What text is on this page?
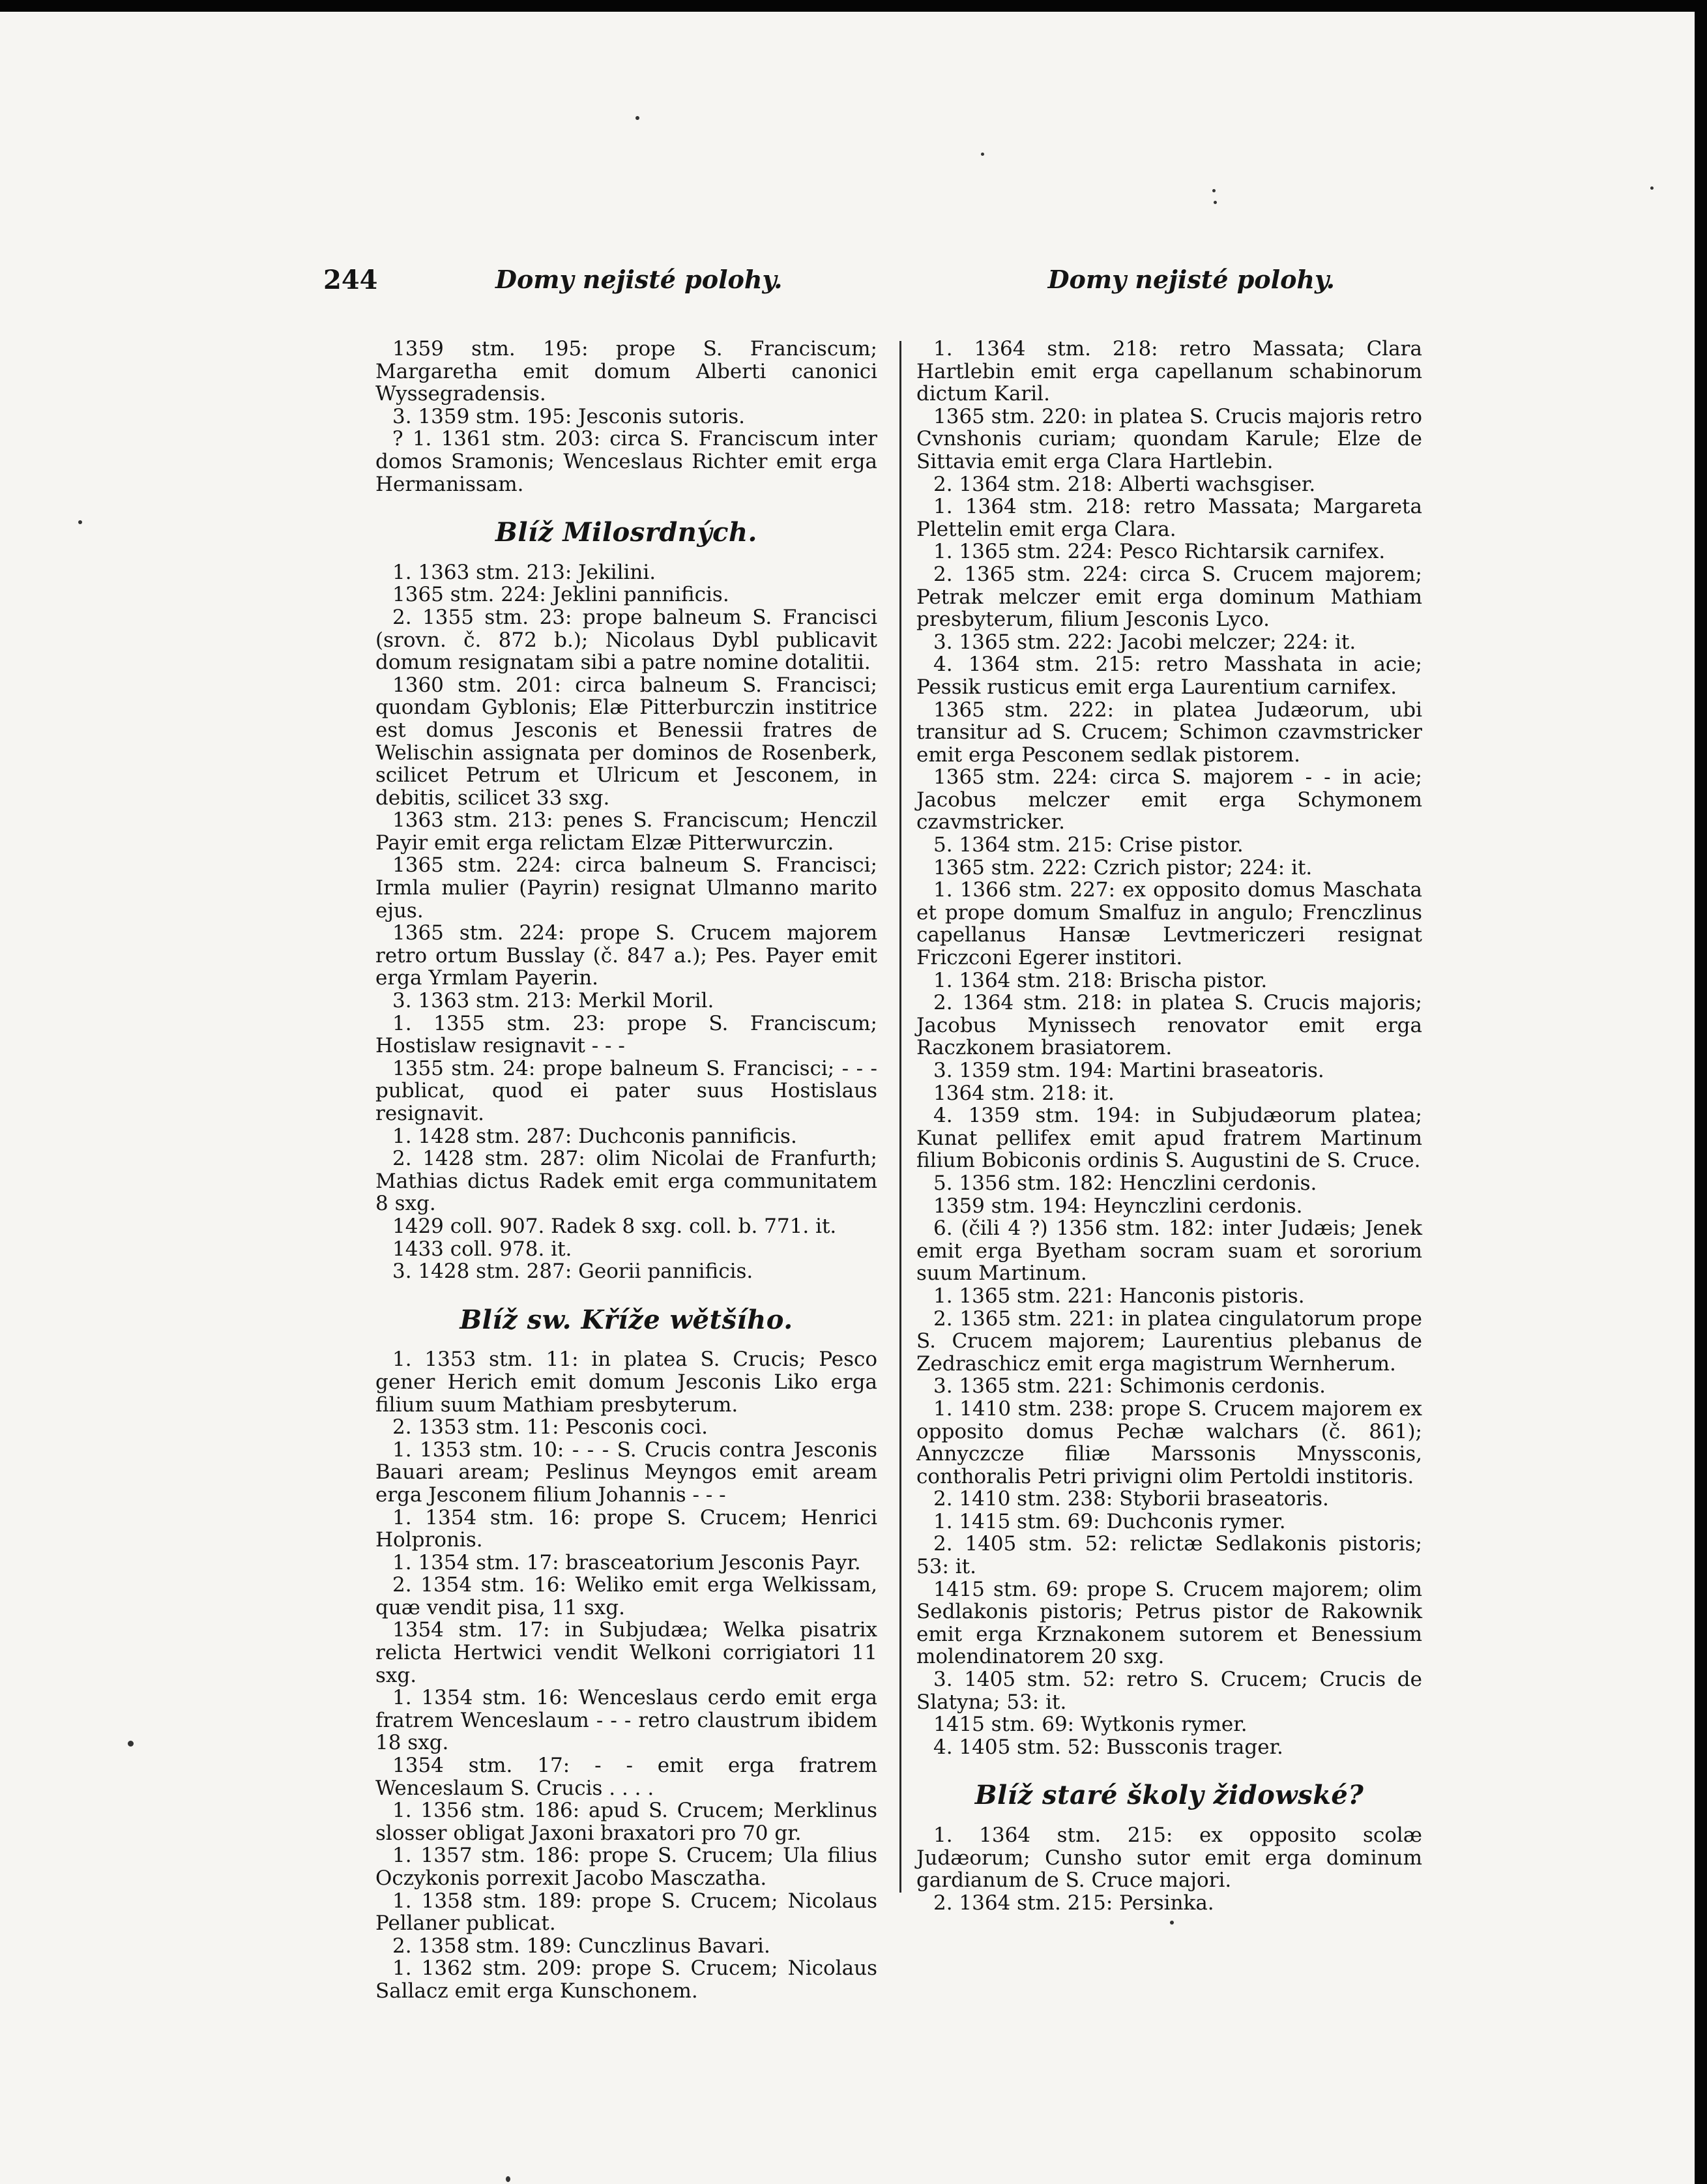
244	Domy nejisté polohy.	Domy nejisté polohy.
1359 stm. 195: prope S. Franciscum; Margaretha emit domum Alberti canonici Wyssegradensis.
3. 1359 stm. 195: Jesconis sutoris.
? 1. 1361 stm. 203: circa S. Franciscum inter domos Sramonis; Wenceslaus Richter emit erga Hermanissam.
Blíž Milosrdných.
1. 1363 stm. 213: Jekilini.
1365 stm. 224: Jeklini pannificis.
2. 1355 stm. 23: prope balneum S. Francisci (srovn. č. 872 b.); Nicolaus Dybl publicavit domum resignatam sibi a patre nomine dotalitii.
1360 stm. 201: circa balneum S. Francisci; quondam Gyblonis; Elæ Pitterburczin institrice est domus Jesconis et Benessii fratres de Welischin assignata per dominos de Rosenberk, scilicet Petrum et Ulricum et Jesconem, in debitis, scilicet 33 sxg.
1363 stm. 213: penes S. Franciscum; Henczil Payir emit erga relictam Elzæ Pitterwurczin.
1365 stm. 224: circa balneum S. Francisci; Irmla mulier (Payrin) resignat Ulmanno marito ejus.
1365 stm. 224: prope S. Crucem majorem retro ortum Busslay (č. 847 a.); Pes. Payer emit erga Yrmlam Payerin.
3. 1363 stm. 213: Merkil Moril.
1. 1355 stm. 23: prope S. Franciscum; Hostislaw resignavit - - -
1355 stm. 24: prope balneum S. Francisci; - - - publicat, quod ei pater suus Hostislaus resignavit.
1. 1428 stm. 287: Duchconis pannificis.
2. 1428 stm. 287: olim Nicolai de Franfurth; Mathias dictus Radek emit erga communitatem 8 sxg.
1429 coll. 907. Radek 8 sxg. coll. b. 771. it.
1433 coll. 978. it.
3. 1428 stm. 287: Georii pannificis.
Blíž sw. Kříže wětšího.
1. 1353 stm. 11: in platea S. Crucis; Pesco gener Herich emit domum Jesconis Liko erga filium suum Mathiam presbyterum.
2. 1353 stm. 11: Pesconis coci.
1. 1353 stm. 10: - - - S. Crucis contra Jesconis Bauari aream; Peslinus Meyngos emit aream erga Jesconem filium Johannis - - -
1. 1354 stm. 16: prope S. Crucem; Henrici Holpronis.
1. 1354 stm. 17: brasceatorium Jesconis Payr.
2. 1354 stm. 16: Weliko emit erga Welkissam, quæ vendit pisa, 11 sxg.
1354 stm. 17: in Subjudæa; Welka pisatrix relicta Hertwici vendit Welkoni corrigiatori 11 sxg.
1. 1354 stm. 16: Wenceslaus cerdo emit erga fratrem Wenceslaum - - - retro claustrum ibidem 18 sxg.
1354 stm. 17: - - emit erga fratrem Wenceslaum S. Crucis . . . .
1. 1356 stm. 186: apud S. Crucem; Merklinus slosser obligat Jaxoni braxatori pro 70 gr.
1. 1357 stm. 186: prope S. Crucem; Ula filius Oczykonis porrexit Jacobo Masczatha.
1. 1358 stm. 189: prope S. Crucem; Nicolaus Pellaner publicat.
2. 1358 stm. 189: Cunczlinus Bavari.
1. 1362 stm. 209: prope S. Crucem; Nicolaus Sallacz emit erga Kunschonem.
1. 1364 stm. 218: retro Massata; Clara Hartlebin emit erga capellanum schabinorum dictum Karil.
1365 stm. 220: in platea S. Crucis majoris retro Cvnshonis curiam; quondam Karule; Elze de Sittavia emit erga Clara Hartlebin.
2. 1364 stm. 218: Alberti wachsgiser.
1. 1364 stm. 218: retro Massata; Margareta Plettelin emit erga Clara.
1. 1365 stm. 224: Pesco Richtarsik carnifex.
2. 1365 stm. 224: circa S. Crucem majorem; Petrak melczer emit erga dominum Mathiam presbyterum, filium Jesconis Lyco.
3. 1365 stm. 222: Jacobi melczer; 224: it.
4. 1364 stm. 215: retro Masshata in acie; Pessik rusticus emit erga Laurentium carnifex.
1365 stm. 222: in platea Judæorum, ubi transitur ad S. Crucem; Schimon czavmstricker emit erga Pesconem sedlak pistorem.
1365 stm. 224: circa S. majorem - - in acie; Jacobus melczer emit erga Schymonem czavmstricker.
5. 1364 stm. 215: Crise pistor.
1365 stm. 222: Czrich pistor; 224: it.
1. 1366 stm. 227: ex opposito domus Maschata et prope domum Smalfuz in angulo; Frenczlinus capellanus Hansæ Levtmericzeri resignat Friczconi Egerer institori.
1. 1364 stm. 218: Brischa pistor.
2. 1364 stm. 218: in platea S. Crucis majoris; Jacobus Mynissech renovator emit erga Raczkonem brasiatorem.
3. 1359 stm. 194: Martini braseatoris.
1364 stm. 218: it.
4. 1359 stm. 194: in Subjudæorum platea; Kunat pellifex emit apud fratrem Martinum filium Bobiconis ordinis S. Augustini de S. Cruce.
5. 1356 stm. 182: Henczlini cerdonis.
1359 stm. 194: Heynczlini cerdonis.
6. (čili 4 ?) 1356 stm. 182: inter Judæis; Jenek emit erga Byetham socram suam et sororium suum Martinum.
1. 1365 stm. 221: Hanconis pistoris.
2. 1365 stm. 221: in platea cingulatorum prope S. Crucem majorem; Laurentius plebanus de Zedraschicz emit erga magistrum Wernherum.
3. 1365 stm. 221: Schimonis cerdonis.
1. 1410 stm. 238: prope S. Crucem majorem ex opposito domus Pechæ walchars (č. 861); Annyczcze filiæ Marssonis Mnyssconis, conthoralis Petri privigni olim Pertoldi institoris.
2. 1410 stm. 238: Styborii braseatoris.
1. 1415 stm. 69: Duchconis rymer.
2. 1405 stm. 52: relictæ Sedlakonis pistoris; 53: it.
1415 stm. 69: prope S. Crucem majorem; olim Sedlakonis pistoris; Petrus pistor de Rakownik emit erga Krznakonem sutorem et Benessium molendinatorem 20 sxg.
3. 1405 stm. 52: retro S. Crucem; Crucis de Slatyna; 53: it.
1415 stm. 69: Wytkonis rymer.
4. 1405 stm. 52: Bussconis trager.
Blíž staré školy židowské?
1. 1364 stm. 215: ex opposito scolæ Judæorum; Cunsho sutor emit erga dominum gardianum de S. Cruce majori.
2. 1364 stm. 215: Persinka.
